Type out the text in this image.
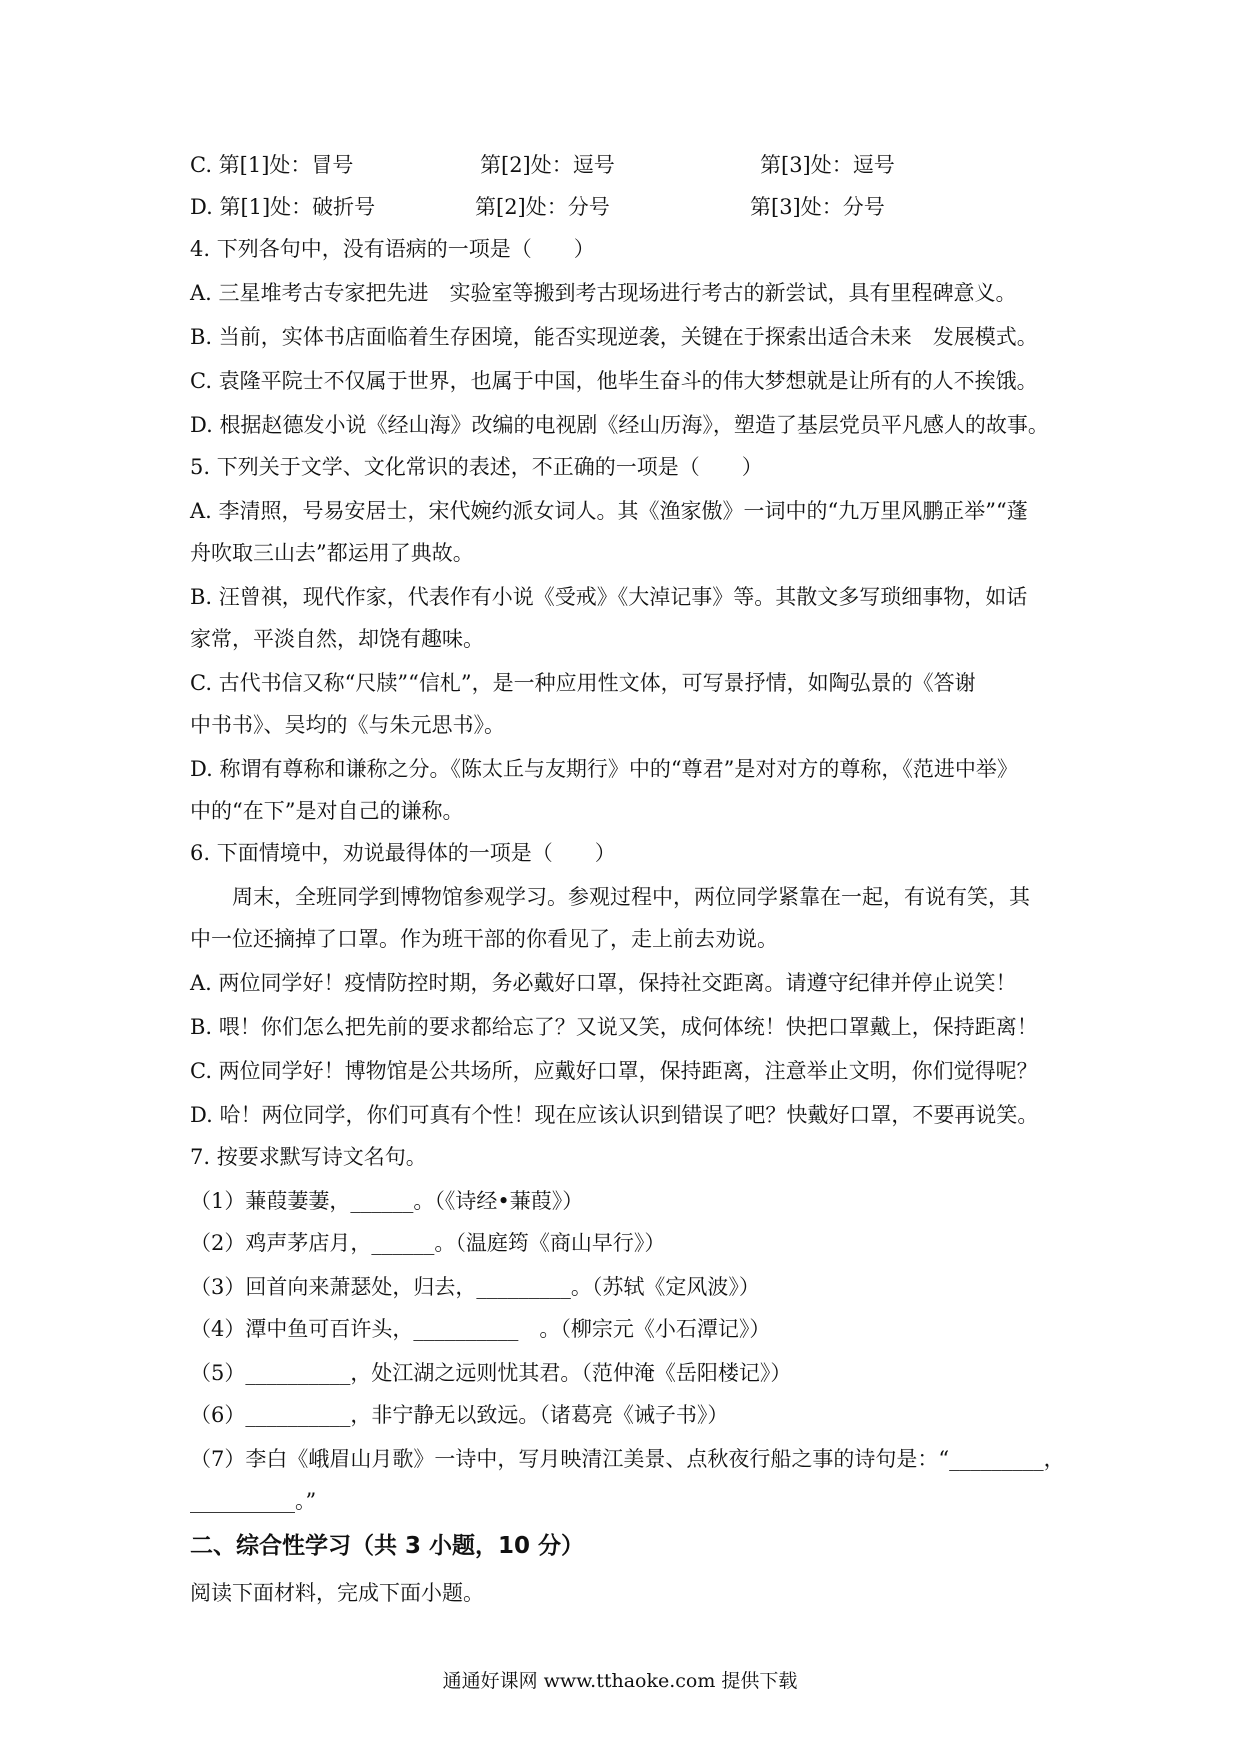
C. 第[1]处：冒号	第[2]处：逗号	第[3]处：逗号
D. 第[1]处：破折号	第[2]处：分号	第[3]处：分号
4. 下列各句中，没有语病的一项是（　　）
A. 三星堆考古专家把先进　实验室等搬到考古现场进行考古的新尝试，具有里程碑意义。
B. 当前，实体书店面临着生存困境，能否实现逆袭，关键在于探索出适合未来　发展模式。
C. 袁隆平院士不仅属于世界，也属于中国，他毕生奋斗的伟大梦想就是让所有的人不挨饿。
D. 根据赵德发小说《经山海》改编的电视剧《经山历海》，塑造了基层党员平凡感人的故事。
5. 下列关于文学、文化常识的表述，不正确的一项是（　　）
A. 李清照，号易安居士，宋代婉约派女词人。其《渔家傲》一词中的“九万里风鹏正举”“蓬
舟吹取三山去”都运用了典故。
B. 汪曾祺，现代作家，代表作有小说《受戒》《大淖记事》等。其散文多写琐细事物，如话
家常，平淡自然，却饶有趣味。
C. 古代书信又称“尺牍”“信札”，是一种应用性文体，可写景抒情，如陶弘景的《答谢
中书书》、吴均的《与朱元思书》。
D. 称谓有尊称和谦称之分。《陈太丘与友期行》中的“尊君”是对对方的尊称，《范进中举》
中的“在下”是对自己的谦称。
6. 下面情境中，劝说最得体的一项是（　　）
周末，全班同学到博物馆参观学习。参观过程中，两位同学紧靠在一起，有说有笑，其
中一位还摘掉了口罩。作为班干部的你看见了，走上前去劝说。
A. 两位同学好！疫情防控时期，务必戴好口罩，保持社交距离。请遵守纪律并停止说笑！
B. 喂！你们怎么把先前的要求都给忘了？又说又笑，成何体统！快把口罩戴上，保持距离！
C. 两位同学好！博物馆是公共场所，应戴好口罩，保持距离，注意举止文明，你们觉得呢？
D. 哈！两位同学，你们可真有个性！现在应该认识到错误了吧？快戴好口罩，不要再说笑。
7. 按要求默写诗文名句。
（1）蒹葭萋萋，______。（《诗经•蒹葭》）
（2）鸡声茅店月，______。（温庭筠《商山早行》）
（3）回首向来萧瑟处，归去，_________。（苏轼《定风波》）
（4）潭中鱼可百许头，__________　。（柳宗元《小石潭记》）
（5）__________，处江湖之远则忧其君。（范仲淹《岳阳楼记》）
（6）__________，非宁静无以致远。（诸葛亮《诫子书》）
（7）李白《峨眉山月歌》一诗中，写月映清江美景、点秋夜行船之事的诗句是：“_________，
__________。”
二、综合性学习（共 3 小题，10 分）
阅读下面材料，完成下面小题。
通通好课网 www.tthaoke.com 提供下载
